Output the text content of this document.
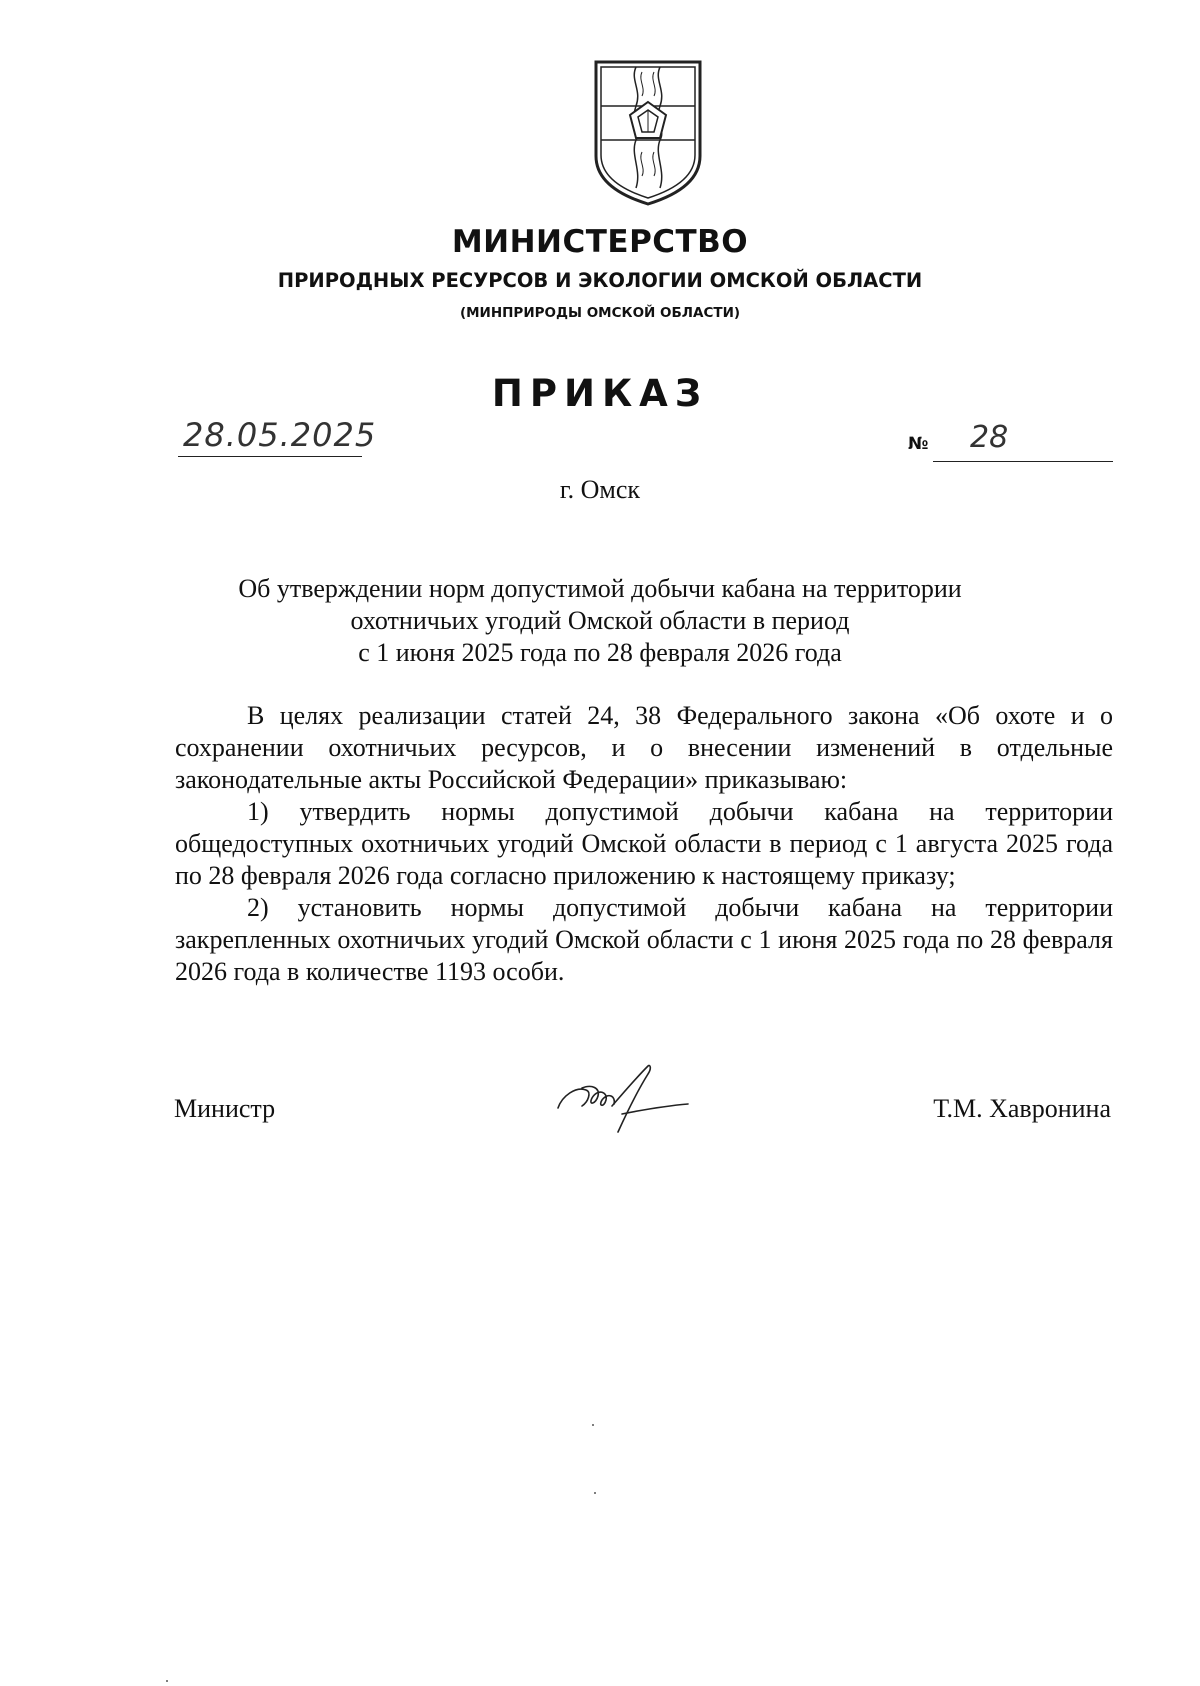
МИНИСТЕРСТВО
ПРИРОДНЫХ РЕСУРСОВ И ЭКОЛОГИИ ОМСКОЙ ОБЛАСТИ
(МИНПРИРОДЫ ОМСКОЙ ОБЛАСТИ)
ПРИКАЗ
28.05.2025	№ 28
г. Омск
Об утверждении норм допустимой добычи кабана на территории
охотничьих угодий Омской области в период
с 1 июня 2025 года по 28 февраля 2026 года

В целях реализации статей 24, 38 Федерального закона «Об охоте и о сохранении охотничьих ресурсов, и о внесении изменений в отдельные законодательные акты Российской Федерации» приказываю:

1) утвердить нормы допустимой добычи кабана на территории общедоступных охотничьих угодий Омской области в период с 1 августа 2025 года по 28 февраля 2026 года согласно приложению к настоящему приказу;

2) установить нормы допустимой добычи кабана на территории закрепленных охотничьих угодий Омской области с 1 июня 2025 года по 28 февраля 2026 года в количестве 1193 особи.

Министр	Т.М. Хавронина
